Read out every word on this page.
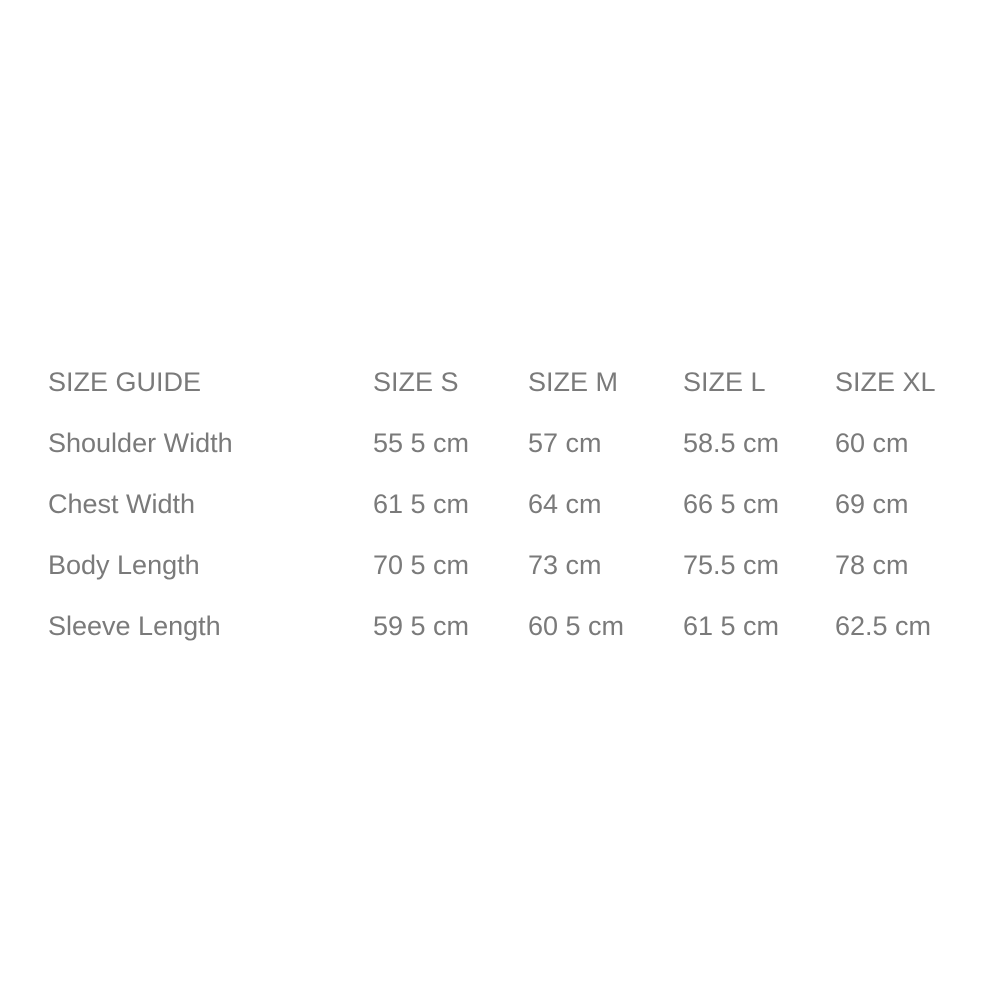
SIZE GUIDE	SIZE S	SIZE M	SIZE L	SIZE XL
Shoulder Width	55 5 cm	57 cm	58.5 cm	60 cm
Chest Width	61 5 cm	64 cm	66 5 cm	69 cm
Body Length	70 5 cm	73 cm	75.5 cm	78 cm
Sleeve Length	59 5 cm	60 5 cm	61 5 cm	62.5 cm
